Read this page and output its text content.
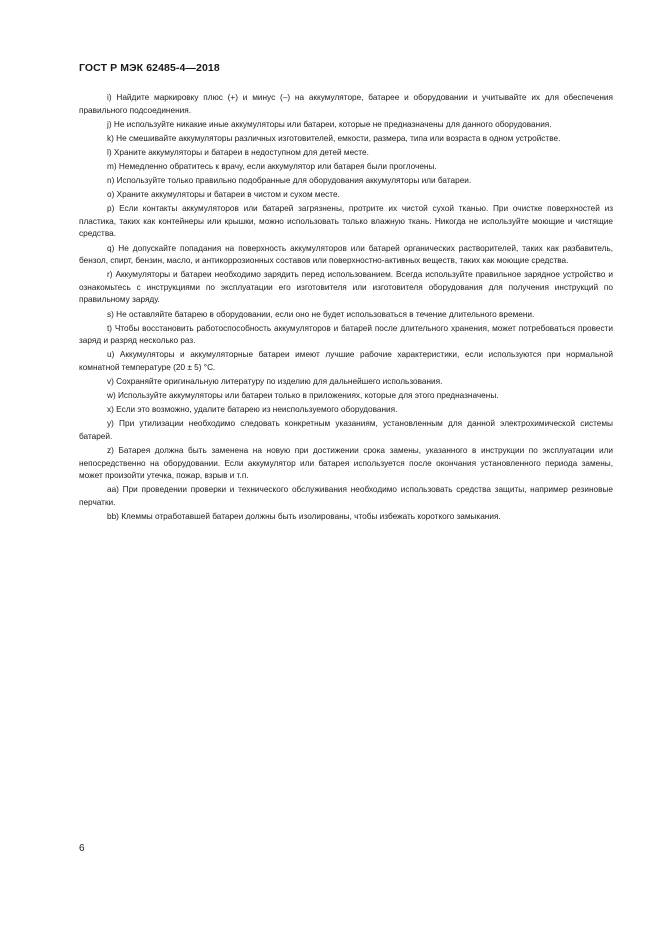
ГОСТ Р МЭК 62485-4—2018

i) Найдите маркировку плюс (+) и минус (–) на аккумуляторе, батарее и оборудовании и учитывайте их для обеспечения правильного подсоединения.

j) Не используйте никакие иные аккумуляторы или батареи, которые не предназначены для данного оборудования.

k) Не смешивайте аккумуляторы различных изготовителей, емкости, размера, типа или возраста в одном устройстве.

l) Храните аккумуляторы и батареи в недоступном для детей месте.

m) Немедленно обратитесь к врачу, если аккумулятор или батарея были проглочены.

n) Используйте только правильно подобранные для оборудования аккумуляторы или батареи.

o) Храните аккумуляторы и батареи в чистом и сухом месте.

p) Если контакты аккумуляторов или батарей загрязнены, протрите их чистой сухой тканью. При очистке поверхностей из пластика, таких как контейнеры или крышки, можно использовать только влажную ткань. Никогда не используйте моющие и чистящие средства.

q) Не допускайте попадания на поверхность аккумуляторов или батарей органических растворителей, таких как разбавитель, бензол, спирт, бензин, масло, и антикоррозионных составов или поверхностно-активных веществ, таких как моющие средства.

r) Аккумуляторы и батареи необходимо зарядить перед использованием. Всегда используйте правильное зарядное устройство и ознакомьтесь с инструкциями по эксплуатации его изготовителя или изготовителя оборудования для получения инструкций по правильному заряду.

s) Не оставляйте батарею в оборудовании, если оно не будет использоваться в течение длительного времени.

t) Чтобы восстановить работоспособность аккумуляторов и батарей после длительного хранения, может потребоваться провести заряд и разряд несколько раз.

u) Аккумуляторы и аккумуляторные батареи имеют лучшие рабочие характеристики, если используются при нормальной комнатной температуре (20 ± 5) °С.

v) Сохраняйте оригинальную литературу по изделию для дальнейшего использования.

w) Используйте аккумуляторы или батареи только в приложениях, которые для этого предназначены.

x) Если это возможно, удалите батарею из неиспользуемого оборудования.

y) При утилизации необходимо следовать конкретным указаниям, установленным для данной электрохимической системы батарей.

z) Батарея должна быть заменена на новую при достижении срока замены, указанного в инструкции по эксплуатации или непосредственно на оборудовании. Если аккумулятор или батарея используется после окончания установленного периода замены, может произойти утечка, пожар, взрыв и т.п.

аа) При проведении проверки и технического обслуживания необходимо использовать средства защиты, например резиновые перчатки.

bb) Клеммы отработавшей батареи должны быть изолированы, чтобы избежать короткого замыкания.

6
